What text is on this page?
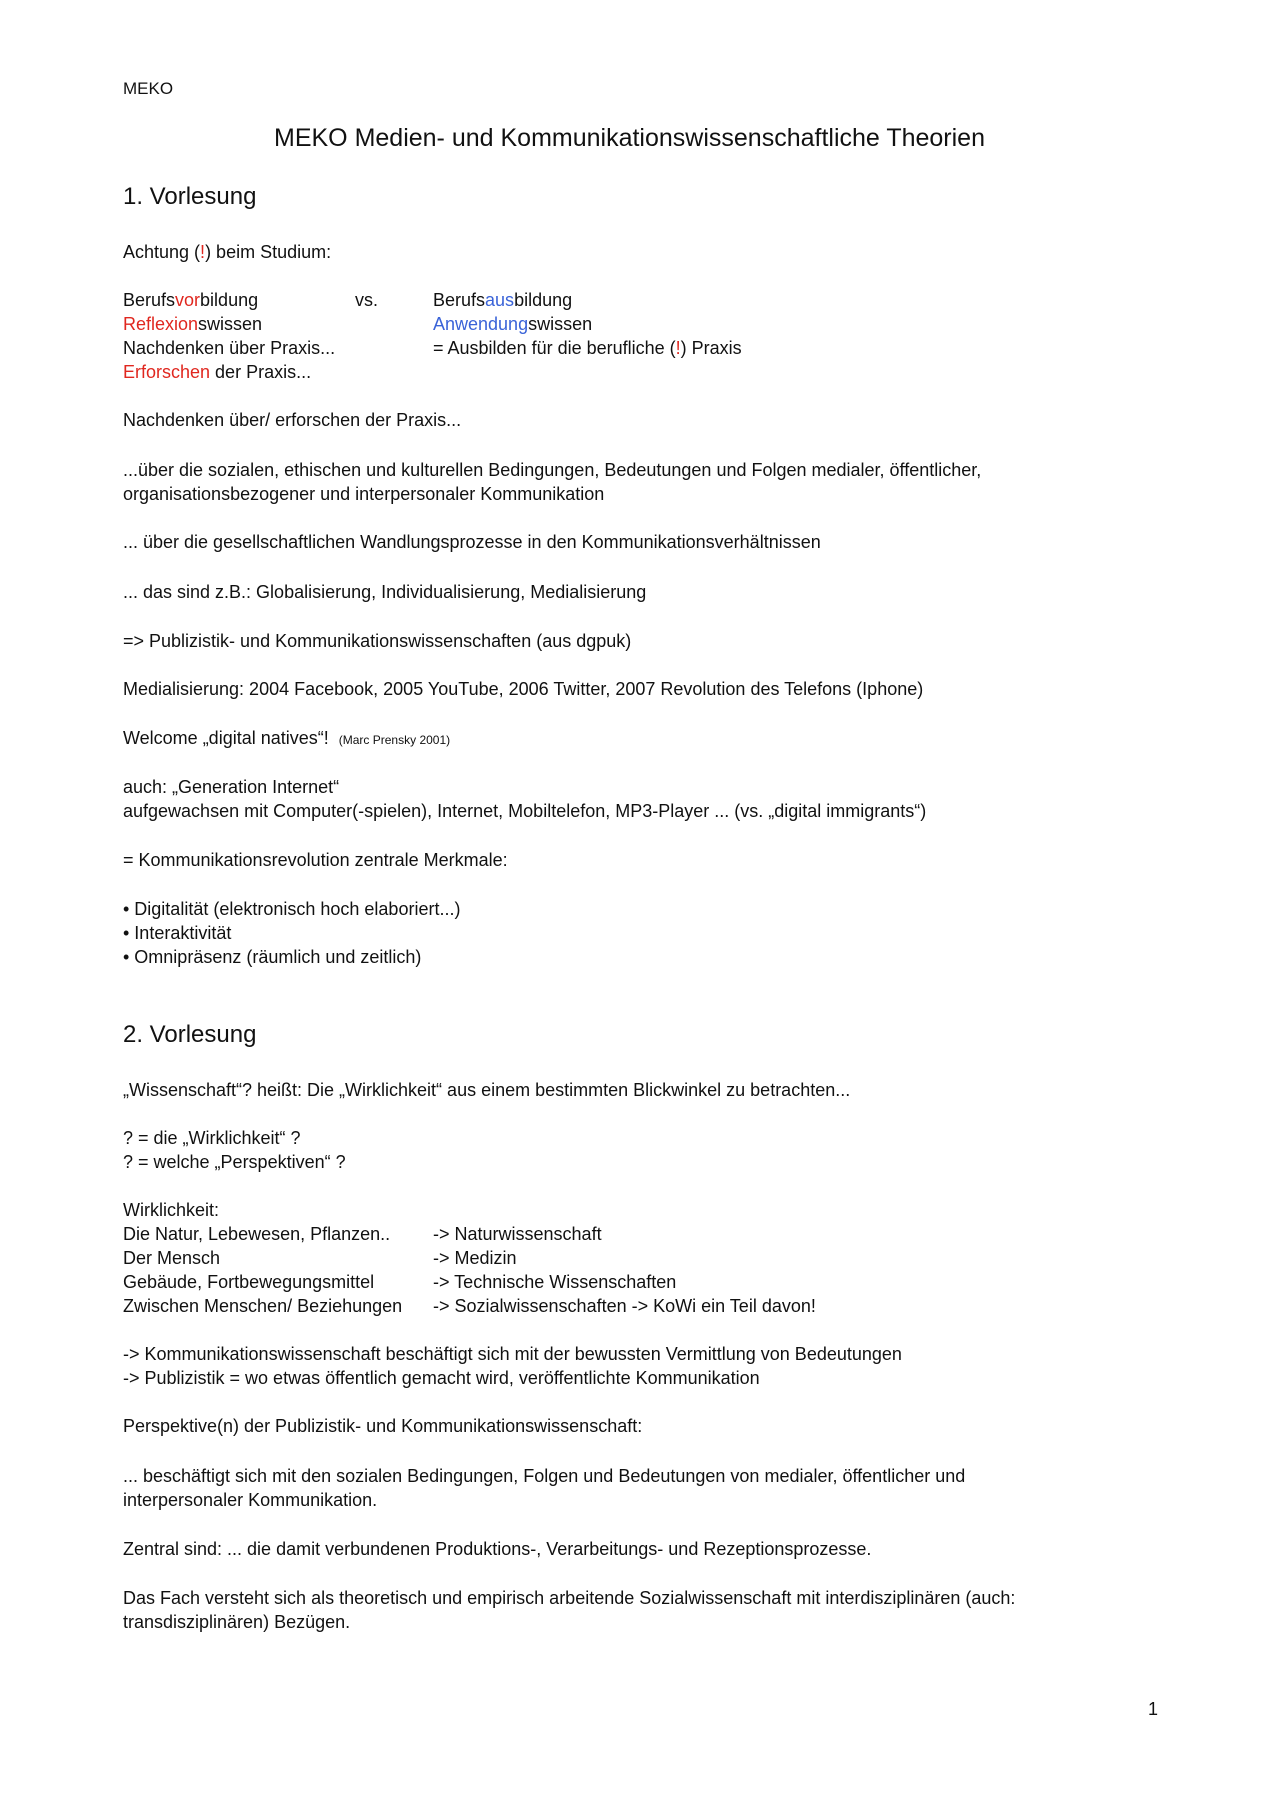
MEKO
MEKO Medien- und Kommunikationswissenschaftliche Theorien
1. Vorlesung
Achtung (!) beim Studium:
Berufsvorbildung	vs.	Berufsausbildung
Reflexionswissen	Anwendungswissen
Nachdenken über Praxis...	= Ausbilden für die berufliche (!) Praxis
Erforschen der Praxis...
Nachdenken über/ erforschen der Praxis...
...über die sozialen, ethischen und kulturellen Bedingungen, Bedeutungen und Folgen medialer, öffentlicher,
organisationsbezogener und interpersonaler Kommunikation
... über die gesellschaftlichen Wandlungsprozesse in den Kommunikationsverhältnissen
... das sind z.B.: Globalisierung, Individualisierung, Medialisierung
=> Publizistik- und Kommunikationswissenschaften (aus dgpuk)
Medialisierung: 2004 Facebook, 2005 YouTube, 2006 Twitter, 2007 Revolution des Telefons (Iphone)
Welcome „digital natives“! (Marc Prensky 2001)
auch: „Generation Internet“
aufgewachsen mit Computer(-spielen), Internet, Mobiltelefon, MP3-Player ... (vs. „digital immigrants“)
= Kommunikationsrevolution zentrale Merkmale:
• Digitalität (elektronisch hoch elaboriert...)
• Interaktivität
• Omnipräsenz (räumlich und zeitlich)
2. Vorlesung
„Wissenschaft“? heißt: Die „Wirklichkeit“ aus einem bestimmten Blickwinkel zu betrachten...
? = die „Wirklichkeit“ ?
? = welche „Perspektiven“ ?
Wirklichkeit:
Die Natur, Lebewesen, Pflanzen.. -> Naturwissenschaft
Der Mensch	-> Medizin
Gebäude, Fortbewegungsmittel	-> Technische Wissenschaften
Zwischen Menschen/ Beziehungen -> Sozialwissenschaften -> KoWi ein Teil davon!
-> Kommunikationswissenschaft beschäftigt sich mit der bewussten Vermittlung von Bedeutungen
-> Publizistik = wo etwas öffentlich gemacht wird, veröffentlichte Kommunikation
Perspektive(n) der Publizistik- und Kommunikationswissenschaft:
... beschäftigt sich mit den sozialen Bedingungen, Folgen und Bedeutungen von medialer, öffentlicher und
interpersonaler Kommunikation.
Zentral sind: ... die damit verbundenen Produktions-, Verarbeitungs- und Rezeptionsprozesse.
Das Fach versteht sich als theoretisch und empirisch arbeitende Sozialwissenschaft mit interdisziplinären (auch:
transdisziplinären) Bezügen.
1
